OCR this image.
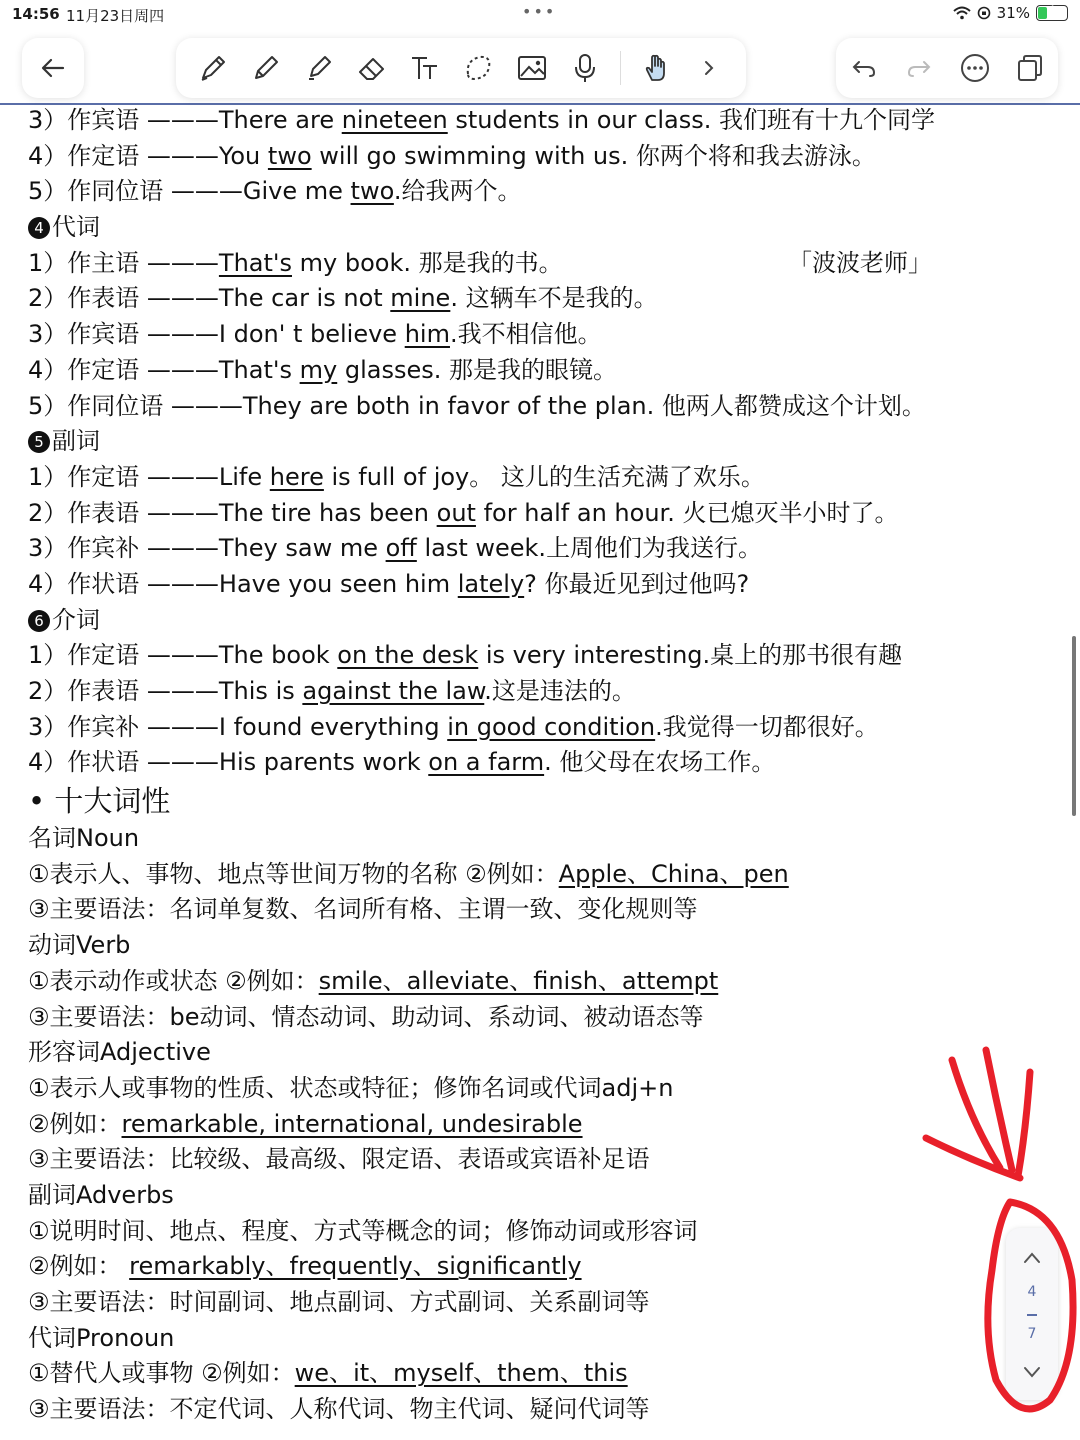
14:56 11月23日周四	•••	31% ⚡
3）作宾语 ———There are nineteen students in our class. 我们班有十九个同学
4）作定语 ———You two will go swimming with us. 你两个将和我去游泳。
5）作同位语 ———Give me two.给我两个。
4 代词
1）作主语 ———That's my book. 那是我的书。	「波波老师」
2）作表语 ———The car is not mine. 这辆车不是我的。
3）作宾语 ———I don' t believe him.我不相信他。
4）作定语 ———That's my glasses. 那是我的眼镜。
5）作同位语 ———They are both in favor of the plan. 他两人都赞成这个计划。
5 副词
1）作定语 ———Life here is full of joy。 这儿的生活充满了欢乐。
2）作表语 ———The tire has been out for half an hour. 火已熄灭半小时了。
3）作宾补 ———They saw me off last week.上周他们为我送行。
4）作状语 ———Have you seen him lately? 你最近见到过他吗?
6 介词
1）作定语 ———The book on the desk is very interesting.桌上的那书很有趣
2）作表语 ———This is against the law.这是违法的。
3）作宾补 ———I found everything in good condition.我觉得一切都很好。
4）作状语 ———His parents work on a farm. 他父母在农场工作。
• 十大词性
名词Noun
①表示人、事物、地点等世间万物的名称 ②例如：Apple、China、pen
③主要语法：名词单复数、名词所有格、主谓一致、变化规则等
动词Verb
①表示动作或状态 ②例如：smile、alleviate、finish、attempt
③主要语法：be动词、情态动词、助动词、系动词、被动语态等
形容词Adjective
①表示人或事物的性质、状态或特征；修饰名词或代词adj+n
②例如：remarkable, international, undesirable
③主要语法：比较级、最高级、限定语、表语或宾语补足语
副词Adverbs
①说明时间、地点、程度、方式等概念的词；修饰动词或形容词
②例如： remarkably、frequently、significantly
③主要语法：时间副词、地点副词、方式副词、关系副词等
代词Pronoun
①替代人或事物 ②例如：we、it、myself、them、this
③主要语法：不定代词、人称代词、物主代词、疑问代词等
4
7
